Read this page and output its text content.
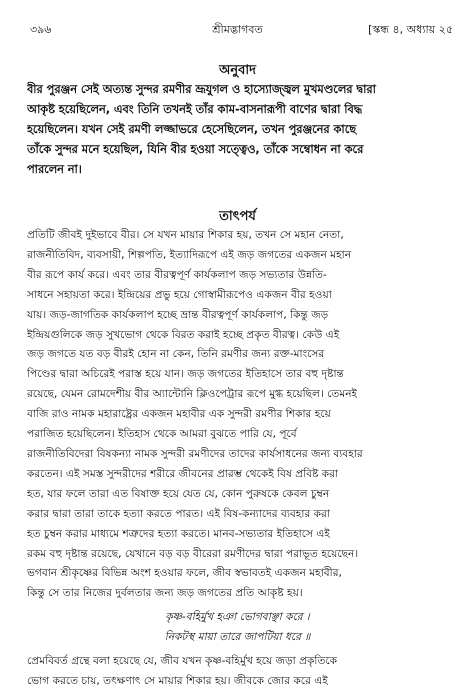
৩৯৬	শ্রীমদ্ভাগবত	[স্কন্ধ ৪, অধ্যায় ২৫
অনুবাদ
বীর পুরঞ্জন সেই অত্যন্ত সুন্দর রমণীর ভ্রূযুগল ও হাস্যোজ্জ্বল মুখমণ্ডলের দ্বারা
আকৃষ্ট হয়েছিলেন, এবং তিনি তখনই তাঁর কাম-বাসনারূপী বাণের দ্বারা বিদ্ধ
হয়েছিলেন। যখন সেই রমণী লজ্জাভরে হেসেছিলেন, তখন পুরঞ্জনের কাছে
তাঁকে সুন্দর মনে হয়েছিল, যিনি বীর হওয়া সত্ত্বেও, তাঁকে সম্বোধন না করে
পারলেন না।
তাৎপর্য
প্রতিটি জীবই দুইভাবে বীর। সে যখন মায়ার শিকার হয়, তখন সে মহান নেতা,
রাজনীতিবিদ, ব্যবসায়ী, শিল্পপতি, ইত্যাদিরূপে এই জড় জগতের একজন মহান
বীর রূপে কার্য করে। এবং তার বীরত্বপূর্ণ কার্যকলাপ জড় সভ্যতার উন্নতি-
সাধনে সহায়তা করে। ইন্দ্রিয়ের প্রভু হয়ে গোস্বামীরূপেও একজন বীর হওয়া
যায়। জড়-জাগতিক কার্যকলাপ হচ্ছে ভ্রান্ত বীরত্বপূর্ণ কার্যকলাপ, কিন্তু জড়
ইন্দ্রিয়গুলিকে জড় সুখভোগ থেকে বিরত করাই হচ্ছে প্রকৃত বীরত্ব। কেউ এই
জড় জগতে যত বড় বীরই হোন না কেন, তিনি রমণীর জন্য রক্ত-মাংসের
পিণ্ডের দ্বারা অচিরেই পরাস্ত হয়ে যান। জড় জগতের ইতিহাসে তার বহু দৃষ্টান্ত
রয়েছে, যেমন রোমদেশীয় বীর অ্যান্টোনি ক্লিওপেট্রার রূপে মুগ্ধ হয়েছিল। তেমনই
বাজি রাও নামক মহারাষ্ট্রের একজন মহাবীর এক সুন্দরী রমণীর শিকার হয়ে
পরাজিত হয়েছিলেন। ইতিহাস থেকে আমরা বুঝতে পারি যে, পূর্বে
রাজনীতিবিদেরা বিষকন্যা নামক সুন্দরী রমণীদের তাদের কার্যসাধনের জন্য ব্যবহার
করতেন। এই সমস্ত সুন্দরীদের শরীরে জীবনের প্রারম্ভ থেকেই বিষ প্রবিষ্ট করা
হত, যার ফলে তারা এত বিষাক্ত হয়ে যেত যে, কোন পুরুষকে কেবল চুম্বন
করার দ্বারা তারা তাকে হত্যা করতে পারত। এই বিষ-কন্যাদের ব্যবহার করা
হত চুম্বন করার মাধ্যমে শত্রুদের হত্যা করতে। মানব-সভ্যতার ইতিহাসে এই
রকম বহু দৃষ্টান্ত রয়েছে, যেখানে বড় বড় বীরেরা রমণীদের দ্বারা পরাভূত হয়েছেন।
ভগবান শ্রীকৃষ্ণের বিভিন্ন অংশ হওয়ার ফলে, জীব স্বভাবতই একজন মহাবীর,
কিন্তু সে তার নিজের দুর্বলতার জন্য জড় জগতের প্রতি আকৃষ্ট হয়।
কৃষ্ণ-বহির্মুখ হঞা ভোগবাঞ্ছা করে ।
নিকটস্থ মায়া তারে জাপটিয়া ধরে ॥
প্রেমবিবর্ত গ্রন্থে বলা হয়েছে যে, জীব যখন কৃষ্ণ-বহির্মুখ হয়ে জড়া প্রকৃতিকে
ভোগ করতে চায়, তৎক্ষণাৎ সে মায়ার শিকার হয়। জীবকে জোর করে এই
